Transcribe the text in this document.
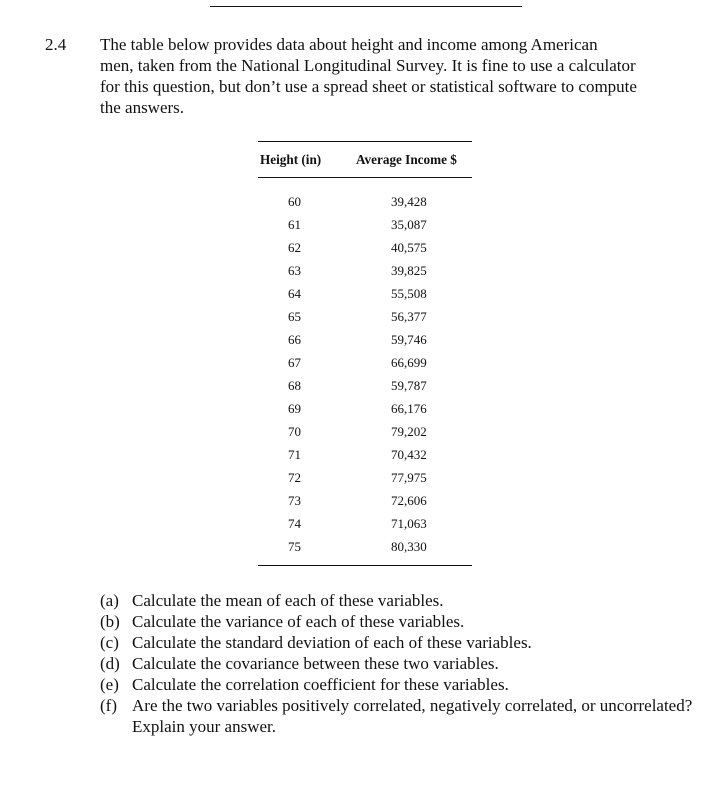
2.4 The table below provides data about height and income among American
men, taken from the National Longitudinal Survey. It is fine to use a calculator
for this question, but don’t use a spread sheet or statistical software to compute
the answers.

Height (in)	Average Income $
60	39,428
61	35,087
62	40,575
63	39,825
64	55,508
65	56,377
66	59,746
67	66,699
68	59,787
69	66,176
70	79,202
71	70,432
72	77,975
73	72,606
74	71,063
75	80,330
(a) Calculate the mean of each of these variables.
(b) Calculate the variance of each of these variables.
(c) Calculate the standard deviation of each of these variables.
(d) Calculate the covariance between these two variables.
(e) Calculate the correlation coefficient for these variables.
(f) Are the two variables positively correlated, negatively correlated, or uncorrelated? Explain your answer.
